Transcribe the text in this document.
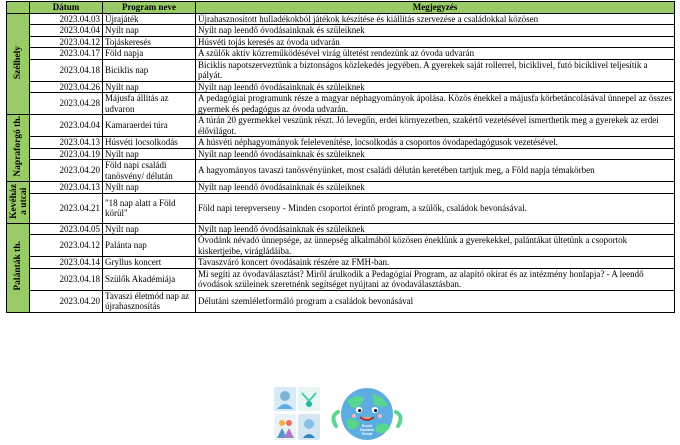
	Dátum	Program neve	Megjegyzés
Szélhely	2023.04.03	Újrajáték	Újrahasznosított hulladékokból játékok készítése és kiállítás szervezése a családokkal közösen
	2023.04.04	Nyílt nap	Nyílt nap leendő óvodásainknak és szüleiknek
	2023.04.12	Tojáskeresés	Húsvéti tojás keresés az óvoda udvarán
	2023.04.17	Föld napja	A szülők aktív közreműködésével virág ültetést rendezünk az óvoda udvarán
	2023.04.18	Biciklis nap	Biciklis napotszerveztünk a biztonságos közlekedés jegyében. A gyerekek saját rollerrel, biciklivel, futó biciklivel teljesítik a pályát.
	2023.04.26	Nyílt nap	Nyílt nap leendő óvodásainknak és szüleiknek
	2023.04.28	Májusfa állítás az udvaron	A pedagógiai programunk része a magyar néphagyományok ápolása. Közös énekkel a májusfa körbetáncolásával ünnepel az összes gyermek és pedagógus az óvoda udvarán.
Napraforgó th.	2023.04.04	Kamaraerdei túra	A túrán 20 gyermekkel veszünk részt. Jó levegőn, erdei környezetben, szakértő vezetésével ismerthetik meg a gyerekek az erdei élővilágot.
	2023.04.13	Húsvéti locsolkodás	A húsvéti néphagyományok felelevenítése, locsolkodás a csoportos óvodapedagógusok vezetésével.
	2023.04.19	Nyílt nap	Nyílt nap leendő óvodásainknak és szüleiknek
	2023.04.20	Föld napi családi tanösvény/ délután	A hagyományos tavaszi tanösvényünket, most családi délután keretében tartjuk meg, a Föld napja témakörben
Kevéház
a utcai	2023.04.13	Nyílt nap	Nyílt nap leendő óvodásainknak és szüleiknek
	2023.04.21	"18 nap alatt a Föld körül"	Föld napi terepverseny - Minden csoportot érintő program, a szülők, családok bevonásával.
Palánták th.	2023.04.05	Nyílt nap	Nyílt nap leendő óvodásainknak és szüleiknek
	2023.04.12	Palánta nap	Óvodánk névadó ünnepsége, az ünnepség alkalmából közösen éneklünk a gyerekekkel, palántákat ültetünk a csoportok kiskertjeibe, virágládáiba.
	2023.04.14	Gryllus koncert	Tavaszváró koncert óvodásaink részére az FMH-ban.
	2023.04.18	Szülők Akadémiája	Mi segíti az óvodaválasztást? Miről árulkodik a Pedagógiai Program, az alapító okirat és az intézmény honlapja? - A leendő óvodások szüleinek szeretnénk segítséget nyújtani az óvodaválasztásban.
	2023.04.20	Tavaszi életmód nap az újrahasznosítás	Délutáni szemléletformáló program a családok bevonásával
Ecseri
Kanizsai
Óvoda
